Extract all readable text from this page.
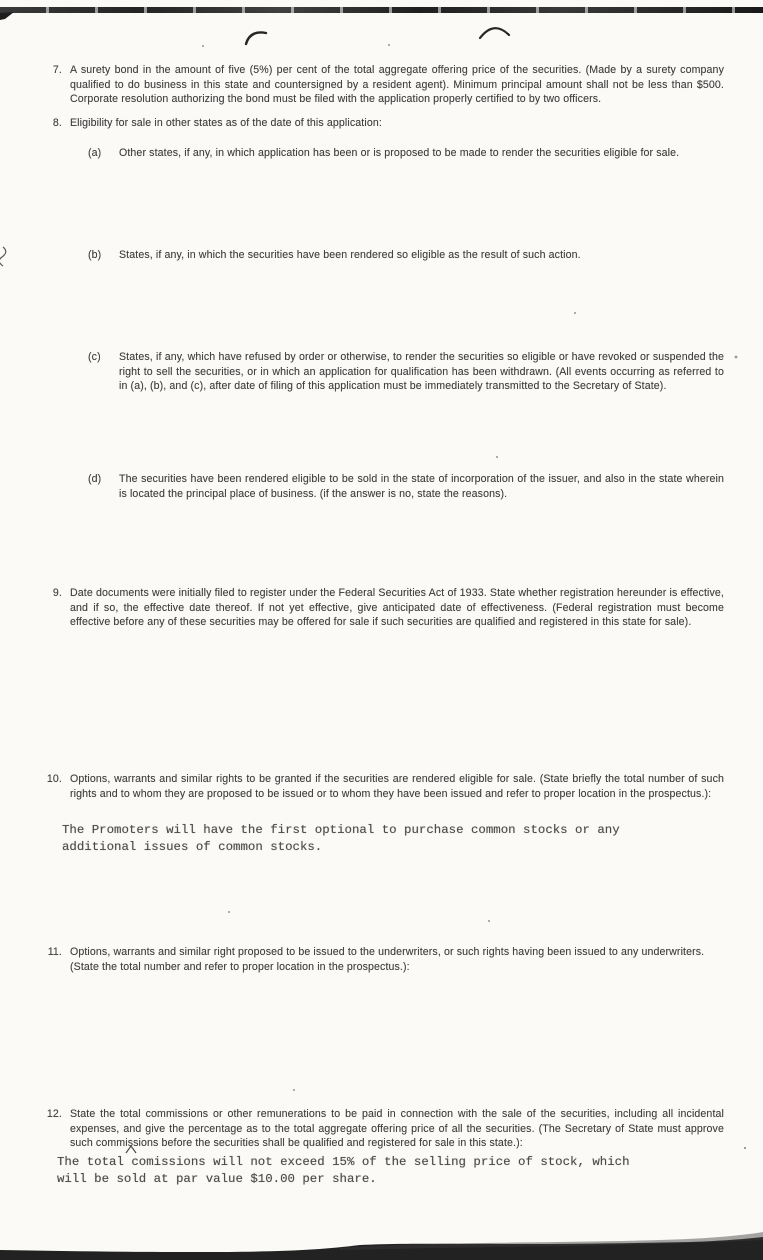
7. A surety bond in the amount of five (5%) per cent of the total aggregate offering price of the securities. (Made by a surety company qualified to do business in this state and countersigned by a resident agent). Minimum principal amount shall not be less than $500. Corporate resolution authorizing the bond must be filed with the application properly certified to by two officers.
8. Eligibility for sale in other states as of the date of this application:
(a)	Other states, if any, in which application has been or is proposed to be made to render the securities eligible for sale.
(b)	States, if any, in which the securities have been rendered so eligible as the result of such action.
(c)	States, if any, which have refused by order or otherwise, to render the securities so eligible or have revoked or suspended the right to sell the securities, or in which an application for qualification has been withdrawn. (All events occurring as referred to in (a), (b), and (c), after date of filing of this application must be immediately transmitted to the Secretary of State).
(d)	The securities have been rendered eligible to be sold in the state of incorporation of the issuer, and also in the state wherein is located the principal place of business. (if the answer is no, state the reasons).
9. Date documents were initially filed to register under the Federal Securities Act of 1933. State whether registration hereunder is effective, and if so, the effective date thereof. If not yet effective, give anticipated date of effectiveness. (Federal registration must become effective before any of these securities may be offered for sale if such securities are qualified and registered in this state for sale).
10. Options, warrants and similar rights to be granted if the securities are rendered eligible for sale. (State briefly the total number of such rights and to whom they are proposed to be issued or to whom they have been issued and refer to proper location in the prospectus.):
The Promoters will have the first optional to purchase common stocks or any
additional issues of common stocks.
11. Options, warrants and similar right proposed to be issued to the underwriters, or such rights having been issued to any underwriters. (State the total number and refer to proper location in the prospectus.):
12. State the total commissions or other remunerations to be paid in connection with the sale of the securities, including all incidental expenses, and give the percentage as to the total aggregate offering price of all the securities. (The Secretary of State must approve such commissions before the securities shall be qualified and registered for sale in this state.):
The total comissions will not exceed 15% of the selling price of stock, which
will be sold at par value $10.00 per share.
